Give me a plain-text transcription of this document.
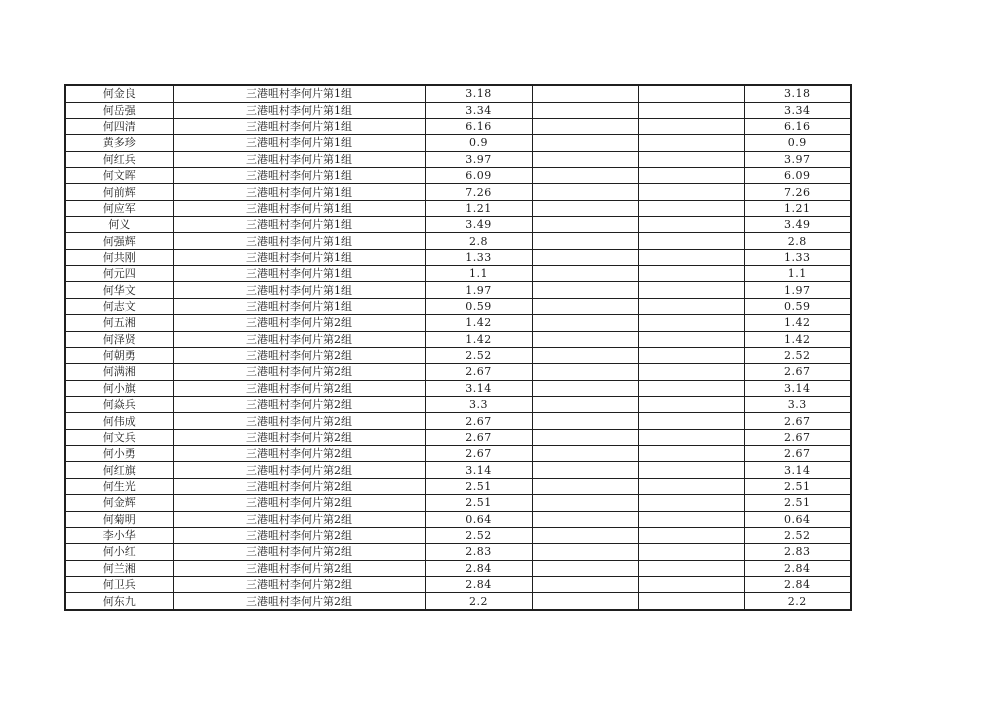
何金良	三港咀村李何片第1组	3.18			3.18
何岳强	三港咀村李何片第1组	3.34			3.34
何四清	三港咀村李何片第1组	6.16			6.16
黄多珍	三港咀村李何片第1组	0.9			0.9
何红兵	三港咀村李何片第1组	3.97			3.97
何文晖	三港咀村李何片第1组	6.09			6.09
何前辉	三港咀村李何片第1组	7.26			7.26
何应军	三港咀村李何片第1组	1.21			1.21
何义	三港咀村李何片第1组	3.49			3.49
何强辉	三港咀村李何片第1组	2.8			2.8
何共刚	三港咀村李何片第1组	1.33			1.33
何元四	三港咀村李何片第1组	1.1			1.1
何华文	三港咀村李何片第1组	1.97			1.97
何志文	三港咀村李何片第1组	0.59			0.59
何五湘	三港咀村李何片第2组	1.42			1.42
何泽贤	三港咀村李何片第2组	1.42			1.42
何朝勇	三港咀村李何片第2组	2.52			2.52
何满湘	三港咀村李何片第2组	2.67			2.67
何小旗	三港咀村李何片第2组	3.14			3.14
何焱兵	三港咀村李何片第2组	3.3			3.3
何伟成	三港咀村李何片第2组	2.67			2.67
何文兵	三港咀村李何片第2组	2.67			2.67
何小勇	三港咀村李何片第2组	2.67			2.67
何红旗	三港咀村李何片第2组	3.14			3.14
何生光	三港咀村李何片第2组	2.51			2.51
何金辉	三港咀村李何片第2组	2.51			2.51
何菊明	三港咀村李何片第2组	0.64			0.64
李小华	三港咀村李何片第2组	2.52			2.52
何小红	三港咀村李何片第2组	2.83			2.83
何兰湘	三港咀村李何片第2组	2.84			2.84
何卫兵	三港咀村李何片第2组	2.84			2.84
何东九	三港咀村李何片第2组	2.2			2.2
